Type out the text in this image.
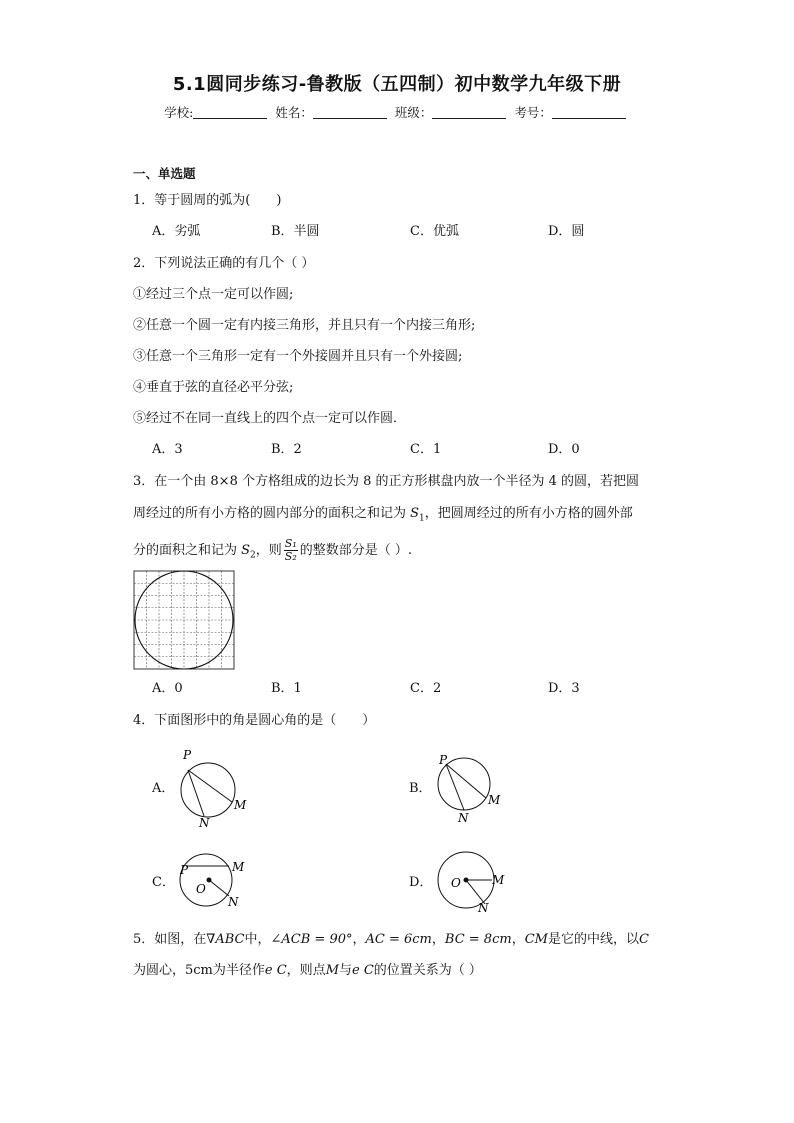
5.1圆同步练习-鲁教版（五四制）初中数学九年级下册
学校:	姓名：	班级：	考号：
一、单选题
1．等于圆周的弧为(　　)
A．劣弧	B．半圆	C．优弧	D．圆
2．下列说法正确的有几个（ ）
①经过三个点一定可以作圆;
②任意一个圆一定有内接三角形，并且只有一个内接三角形;
③任意一个三角形一定有一个外接圆并且只有一个外接圆;
④垂直于弦的直径必平分弦;
⑤经过不在同一直线上的四个点一定可以作圆．
A．3	B．2	C．1	D．0
3．在一个由 8×8 个方格组成的边长为 8 的正方形棋盘内放一个半径为 4 的圆，若把圆
周经过的所有小方格的圆内部分的面积之和记为 $S_1$，把圆周经过的所有小方格的圆外部
分的面积之和记为 $S_2$，则 $\frac{\text{S₁}}{\text{S₂}}$ 的整数部分是（ ）.
A．0	B．1	C．2	D．3
4．下面图形中的角是圆心角的是（　　）
A．
P
M
N
B．
P
M
N
C．
P	M
O
N
D． O	M
N
5．如图，在∇ABC中，∠ACB = 90°，AC = 6cm，BC = 8cm，CM是它的中线，以C
为圆心，5cm为半径作e C，则点M与e C的位置关系为（ ）
